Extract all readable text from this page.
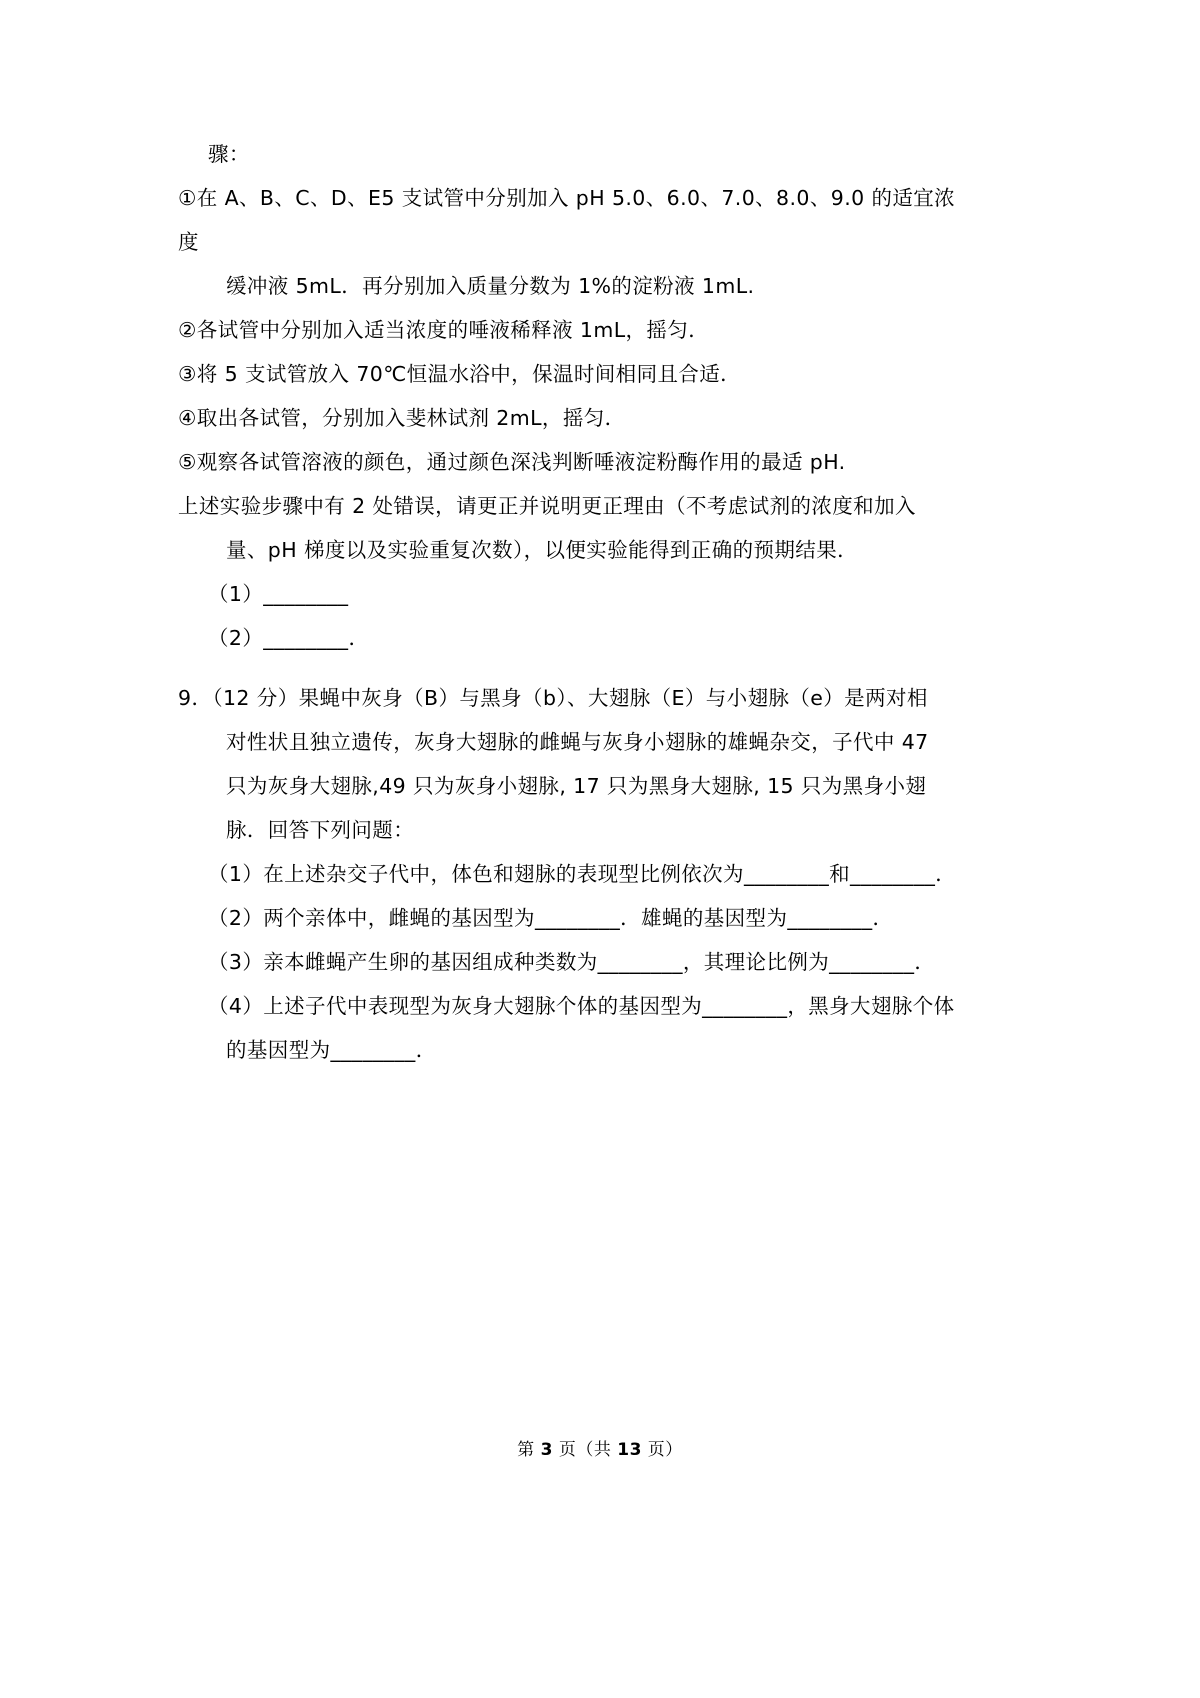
骤：
①在 A、B、C、D、E5 支试管中分别加入 pH 5.0、6.0、7.0、8.0、9.0 的适宜浓度
缓冲液 5mL．再分别加入质量分数为 1%的淀粉液 1mL.
②各试管中分别加入适当浓度的唾液稀释液 1mL，摇匀．
③将 5 支试管放入 70℃恒温水浴中，保温时间相同且合适．
④取出各试管，分别加入斐林试剂 2mL，摇匀．
⑤观察各试管溶液的颜色，通过颜色深浅判断唾液淀粉酶作用的最适 pH.
上述实验步骤中有 2 处错误，请更正并说明更正理由（不考虑试剂的浓度和加入
量、pH 梯度以及实验重复次数），以便实验能得到正确的预期结果．
（1）________
（2）________．
9．（12 分）果蝇中灰身（B）与黑身（b）、大翅脉（E）与小翅脉（e）是两对相
对性状且独立遗传，灰身大翅脉的雌蝇与灰身小翅脉的雄蝇杂交，子代中 47
只为灰身大翅脉,49 只为灰身小翅脉, 17 只为黑身大翅脉, 15 只为黑身小翅
脉．回答下列问题：
（1）在上述杂交子代中，体色和翅脉的表现型比例依次为________和________．
（2）两个亲体中，雌蝇的基因型为________．雄蝇的基因型为________．
（3）亲本雌蝇产生卵的基因组成种类数为________，其理论比例为________．
（4）上述子代中表现型为灰身大翅脉个体的基因型为________，黑身大翅脉个体
的基因型为________．
第 3 页（共 13 页）
